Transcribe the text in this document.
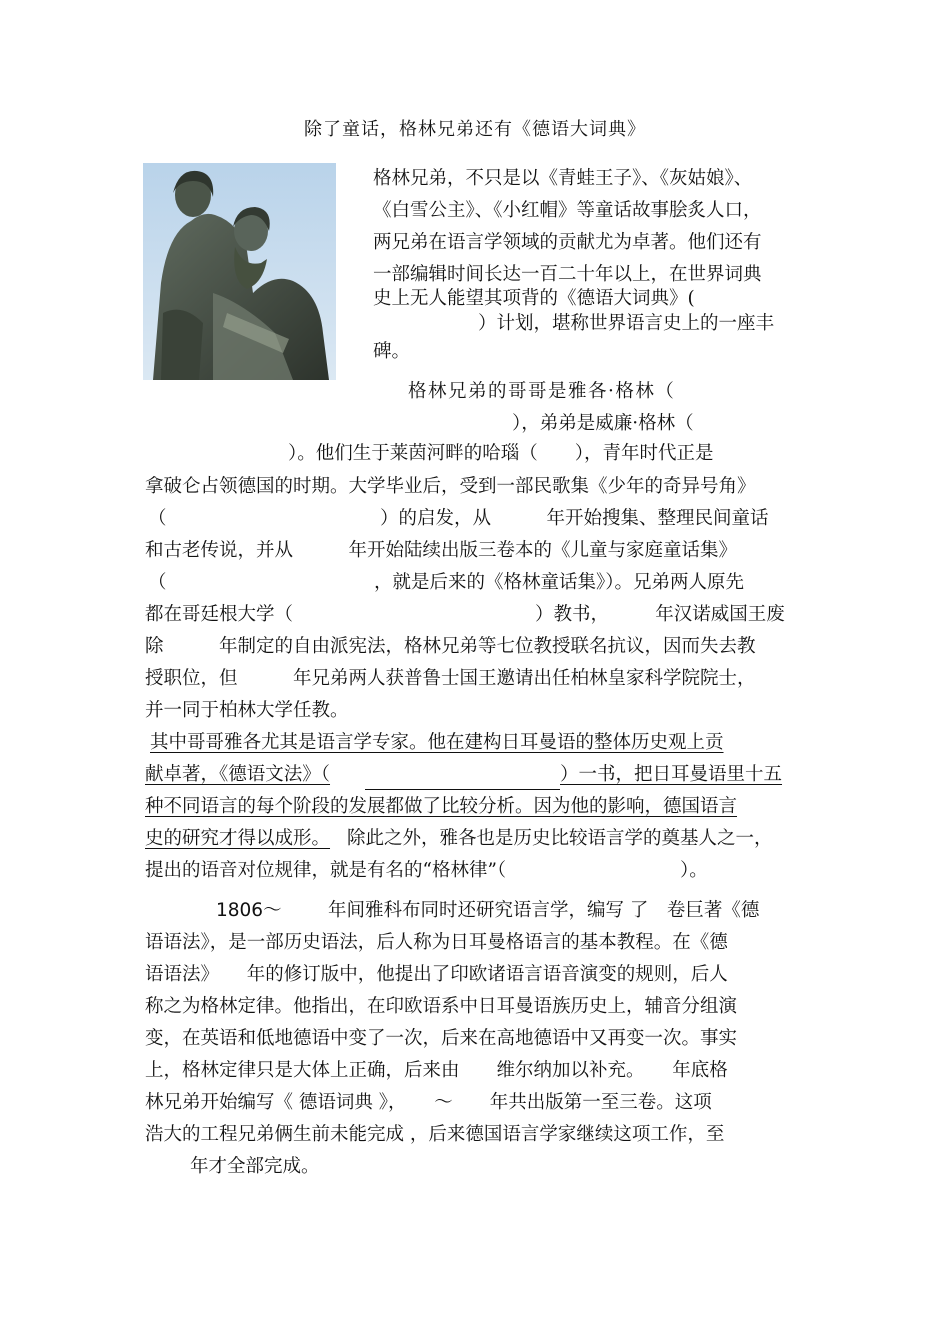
除了童话，格林兄弟还有《德语大词典》
格林兄弟，不只是以《青蛙王子》、《灰姑娘》、
《白雪公主》、《小红帽》等童话故事脍炙人口，
两兄弟在语言学领域的贡献尤为卓著。他们还有
一部编辑时间长达一百二十年以上，在世界词典
史上无人能望其项背的《德语大词典》(
）计划，堪称世界语言史上的一座丰
碑。
格林兄弟的哥哥是雅各·格林（
），弟弟是威廉·格林（
）。他们生于莱茵河畔的哈瑙（　　），青年时代正是
拿破仑占领德国的时期。大学毕业后，受到一部民歌集《少年的奇异号角》
（	）的启发，从　　　年开始搜集、整理民间童话
和古老传说，并从　　　年开始陆续出版三卷本的《儿童与家庭童话集》
（	，就是后来的《格林童话集》）。兄弟两人原先
都在哥廷根大学（	）教书，　　　年汉诺威国王废
除　　　年制定的自由派宪法，格林兄弟等七位教授联名抗议，因而失去教
授职位，但　　　年兄弟两人获普鲁士国王邀请出任柏林皇家科学院院士，
并一同于柏林大学任教。
其中哥哥雅各尤其是语言学专家。他在建构日耳曼语的整体历史观上贡
献卓著，《德语文法》（	）一书，把日耳曼语里十五
种不同语言的每个阶段的发展都做了比较分析。因为他的影响，德国语言
史的研究才得以成形。 除此之外，雅各也是历史比较语言学的奠基人之一，
提出的语音对位规律，就是有名的“格林律”（	）。
1806～	年间雅科布同时还研究语言学，编写 了　卷巨著《德
语语法》，是一部历史语法，后人称为日耳曼格语言的基本教程。在《德
语语法》　　年的修订版中，他提出了印欧诸语言语音演变的规则，后人
称之为格林定律。他指出，在印欧语系中日耳曼语族历史上，辅音分组演
变，在英语和低地德语中变了一次，后来在高地德语中又再变一次。事实
上，格林定律只是大体上正确，后来由　　维尔纳加以补充。　　年底格
林兄弟开始编写《 德语词典 》，　　～　　年共出版第一至三卷。这项
浩大的工程兄弟俩生前未能完成 ，后来德国语言学家继续这项工作，至
年才全部完成。
